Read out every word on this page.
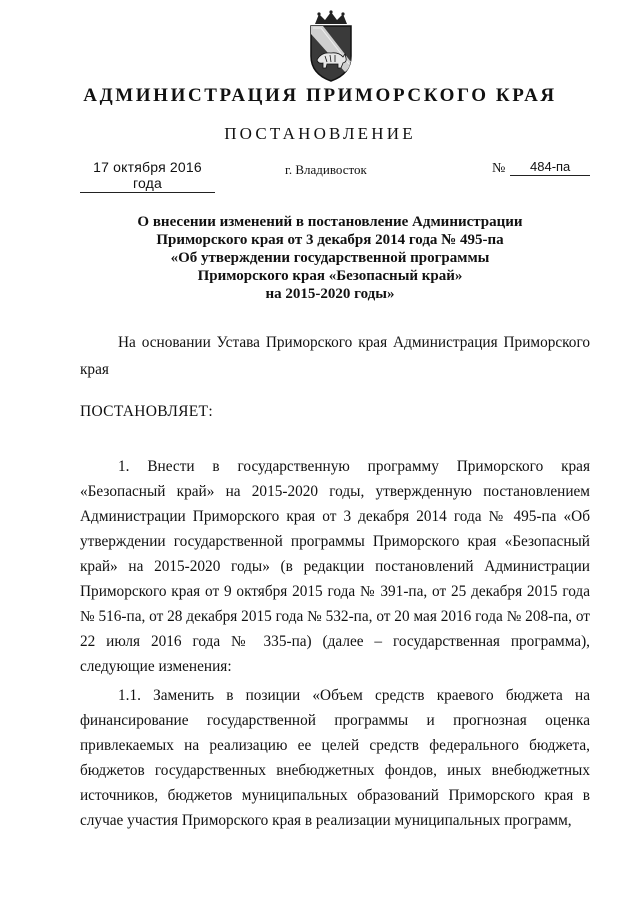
АДМИНИСТРАЦИЯ ПРИМОРСКОГО КРАЯ
ПОСТАНОВЛЕНИЕ
17 октября 2016 года
г. Владивосток	№	484-па
О внесении изменений в постановление Администрации
Приморского края от 3 декабря 2014 года № 495-па
«Об утверждении государственной программы
Приморского края «Безопасный край»
на 2015-2020 годы»
На основании Устава Приморского края Администрация Приморского края
ПОСТАНОВЛЯЕТ:
1. Внести в государственную программу Приморского края «Безопасный край» на 2015-2020 годы, утвержденную постановлением Администрации Приморского края от 3 декабря 2014 года № 495-па «Об утверждении государственной программы Приморского края «Безопасный край» на 2015-2020 годы» (в редакции постановлений Администрации Приморского края от 9 октября 2015 года № 391-па, от 25 декабря 2015 года № 516-па, от 28 декабря 2015 года № 532-па, от 20 мая 2016 года № 208-па, от 22 июля 2016 года № 335-па) (далее – государственная программа), следующие изменения:
1.1. Заменить в позиции «Объем средств краевого бюджета на финансирование государственной программы и прогнозная оценка привлекаемых на реализацию ее целей средств федерального бюджета, бюджетов государственных внебюджетных фондов, иных внебюджетных источников, бюджетов муниципальных образований Приморского края в случае участия Приморского края в реализации муниципальных программ,
